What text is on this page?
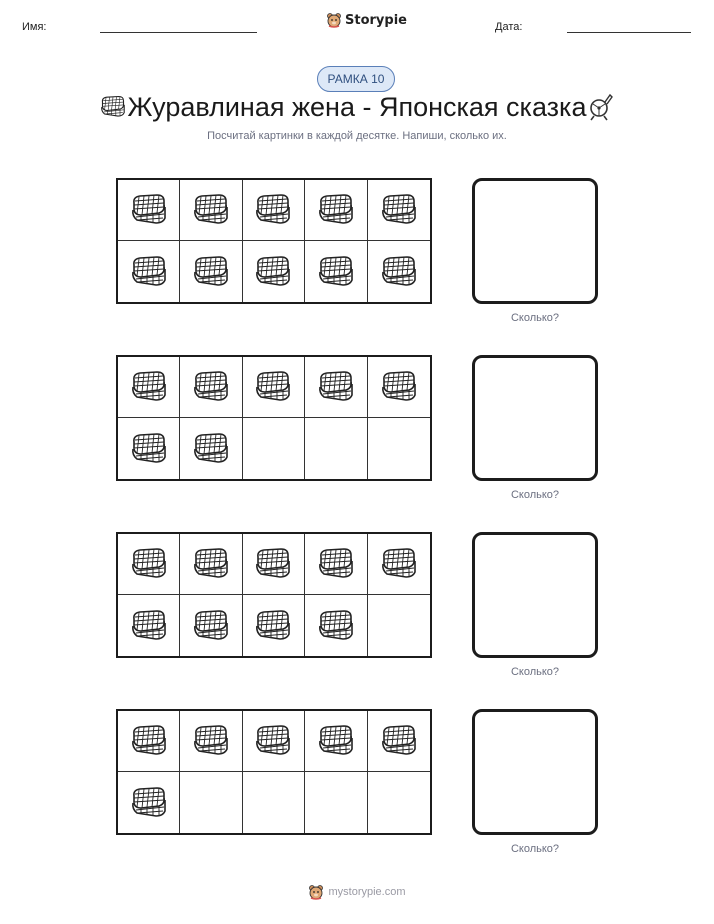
Имя:	Storypie	Дата:
РАМКА 10
Журавлиная жена - Японская сказка
Посчитай картинки в каждой десятке. Напиши, сколько их.
Сколько?
Сколько?
Сколько?
Сколько?
mystorypie.com
